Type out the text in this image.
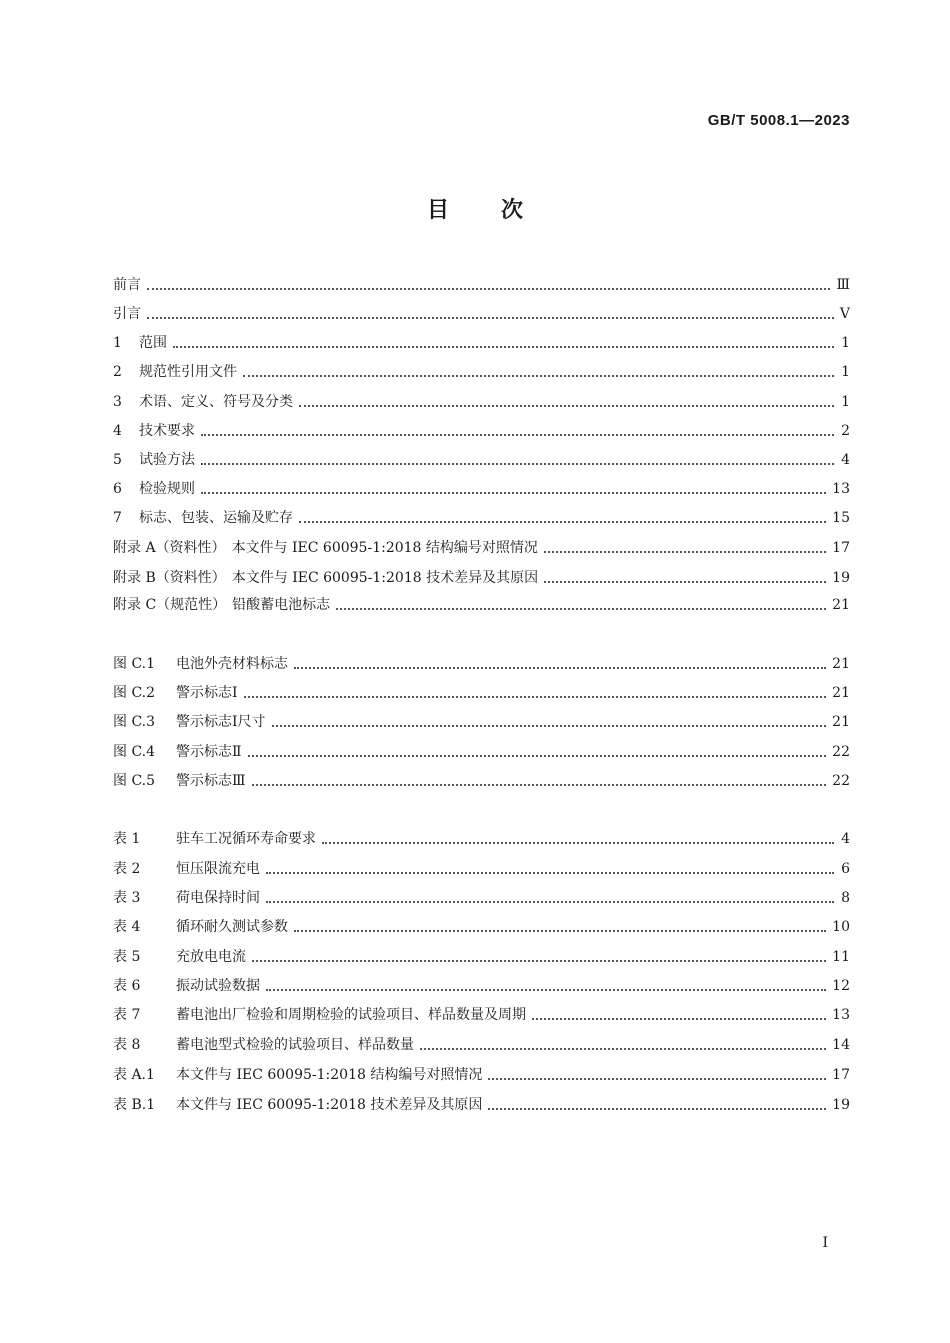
GB/T 5008.1—2023
目次
前言	Ⅲ
引言	Ⅴ
1	范围	1
2	规范性引用文件	1
3	术语、定义、符号及分类	1
4	技术要求	2
5	试验方法	4
6	检验规则	13
7	标志、包装、运输及贮存	15
附录 A（资料性） 本文件与 IEC 60095-1:2018 结构编号对照情况	17
附录 B（资料性） 本文件与 IEC 60095-1:2018 技术差异及其原因	19
附录 C（规范性） 铅酸蓄电池标志	21
图 C.1	电池外壳材料标志	21
图 C.2	警示标志Ⅰ	21
图 C.3	警示标志Ⅰ尺寸	21
图 C.4	警示标志Ⅱ	22
图 C.5	警示标志Ⅲ	22
表 1	驻车工况循环寿命要求	4
表 2	恒压限流充电	6
表 3	荷电保持时间	8
表 4	循环耐久测试参数	10
表 5	充放电电流	11
表 6	振动试验数据	12
表 7	蓄电池出厂检验和周期检验的试验项目、样品数量及周期	13
表 8	蓄电池型式检验的试验项目、样品数量	14
表 A.1	本文件与 IEC 60095-1:2018 结构编号对照情况	17
表 B.1	本文件与 IEC 60095-1:2018 技术差异及其原因	19
Ⅰ
